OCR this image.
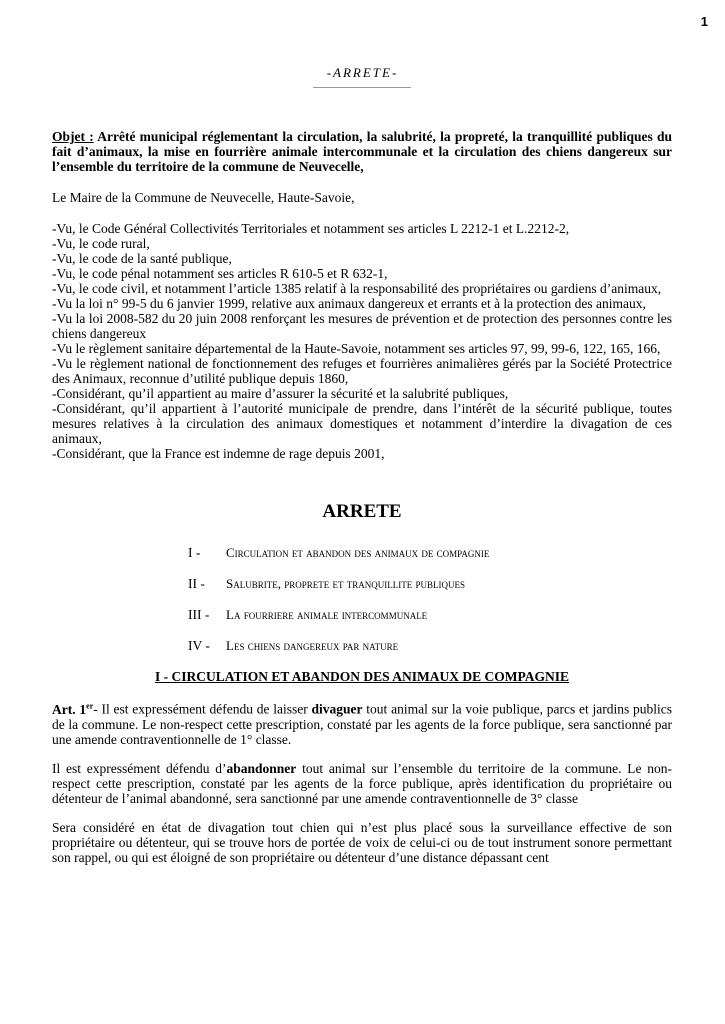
1
-ARRETE-

Objet : Arrêté municipal réglementant la circulation, la salubrité, la propreté, la tranquillité publiques du fait d’animaux, la mise en fourrière animale intercommunale et la circulation des chiens dangereux sur l’ensemble du territoire de la commune de Neuvecelle,

Le Maire de la Commune de Neuvecelle, Haute-Savoie,

-Vu, le Code Général Collectivités Territoriales et notamment ses articles L 2212-1 et L.2212-2,

-Vu, le code rural,

-Vu, le code de la santé publique,

-Vu, le code pénal notamment ses articles R 610-5 et R 632-1,

-Vu, le code civil, et notamment l’article 1385 relatif à la responsabilité des propriétaires ou gardiens d’animaux,

-Vu la loi n° 99-5 du 6 janvier 1999, relative aux animaux dangereux et errants et à la protection des animaux,

-Vu la loi 2008-582 du 20 juin 2008 renforçant les mesures de prévention et de protection des personnes contre les chiens dangereux

-Vu le règlement sanitaire départemental de la Haute-Savoie, notamment ses articles 97, 99, 99-6, 122, 165, 166,

-Vu le règlement national de fonctionnement des refuges et fourrières animalières gérés par la Société Protectrice des Animaux, reconnue d’utilité publique depuis 1860,

-Considérant, qu’il appartient au maire d’assurer la sécurité et la salubrité publiques,

-Considérant, qu’il appartient à l’autorité municipale de prendre, dans l’intérêt de la sécurité publique, toutes mesures relatives à la circulation des animaux domestiques et notamment d’interdire la divagation de ces animaux,

-Considérant, que la France est indemne de rage depuis 2001,

ARRETE
I -	Circulation et abandon des animaux de compagnie
II -	Salubrite, proprete et tranquillite publiques
III -	La fourriere animale intercommunale
IV -	Les chiens dangereux par nature
I - CIRCULATION ET ABANDON DES ANIMAUX DE COMPAGNIE

Art. 1er- Il est expressément défendu de laisser divaguer tout animal sur la voie publique, parcs et jardins publics de la commune. Le non-respect cette prescription, constaté par les agents de la force publique, sera sanctionné par une amende contraventionnelle de 1° classe.

Il est expressément défendu d’abandonner tout animal sur l’ensemble du territoire de la commune. Le non-respect cette prescription, constaté par les agents de la force publique, après identification du propriétaire ou détenteur de l’animal abandonné, sera sanctionné par une amende contraventionnelle de 3° classe

Sera considéré en état de divagation tout chien qui n’est plus placé sous la surveillance effective de son propriétaire ou détenteur, qui se trouve hors de portée de voix de celui-ci ou de tout instrument sonore permettant son rappel, ou qui est éloigné de son propriétaire ou détenteur d’une distance dépassant cent
